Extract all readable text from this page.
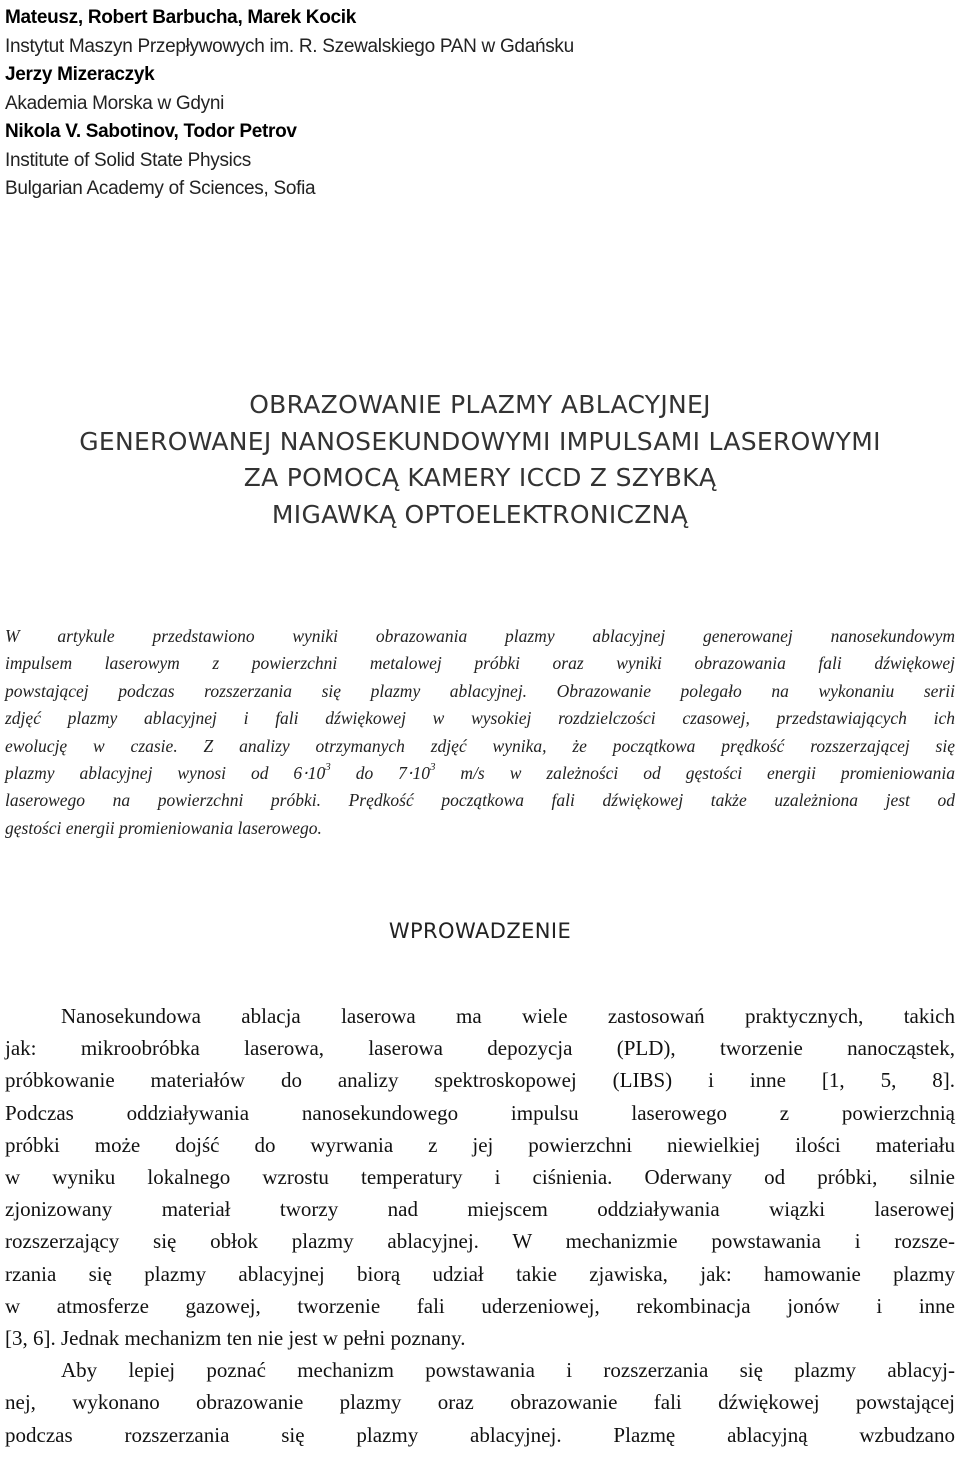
Mateusz, Robert Barbucha, Marek Kocik
Instytut Maszyn Przepływowych im. R. Szewalskiego PAN w Gdańsku
Jerzy Mizeraczyk
Akademia Morska w Gdyni
Nikola V. Sabotinov, Todor Petrov
Institute of Solid State Physics
Bulgarian Academy of Sciences, Sofia
OBRAZOWANIE PLAZMY ABLACYJNEJ
GENEROWANEJ NANOSEKUNDOWYMI IMPULSAMI LASEROWYMI
ZA POMOCĄ KAMERY ICCD Z SZYBKĄ
MIGAWKĄ OPTOELEKTRONICZNĄ
W artykule przedstawiono wyniki obrazowania plazmy ablacyjnej generowanej nanosekundowym
impulsem laserowym z powierzchni metalowej próbki oraz wyniki obrazowania fali dźwiękowej
powstającej podczas rozszerzania się plazmy ablacyjnej. Obrazowanie polegało na wykonaniu serii
zdjęć plazmy ablacyjnej i fali dźwiękowej w wysokiej rozdzielczości czasowej, przedstawiających ich
ewolucję w czasie. Z analizy otrzymanych zdjęć wynika, że początkowa prędkość rozszerzającej się
plazmy ablacyjnej wynosi od $6\cdot 10^3$ do $7\cdot 10^3$ m/s w zależności od gęstości energii promieniowania
laserowego na powierzchni próbki. Prędkość początkowa fali dźwiękowej także uzależniona jest od
gęstości energii promieniowania laserowego.
WPROWADZENIE
Nanosekundowa ablacja laserowa ma wiele zastosowań praktycznych, takich
jak: mikroobróbka laserowa, laserowa depozycja (PLD), tworzenie nanocząstek,
próbkowanie materiałów do analizy spektroskopowej (LIBS) i inne [1, 5, 8].
Podczas oddziaływania nanosekundowego impulsu laserowego z powierzchnią
próbki może dojść do wyrwania z jej powierzchni niewielkiej ilości materiału
w wyniku lokalnego wzrostu temperatury i ciśnienia. Oderwany od próbki, silnie
zjonizowany materiał tworzy nad miejscem oddziaływania wiązki laserowej
rozszerzający się obłok plazmy ablacyjnej. W mechanizmie powstawania i rozsze-
rzania się plazmy ablacyjnej biorą udział takie zjawiska, jak: hamowanie plazmy
w atmosferze gazowej, tworzenie fali uderzeniowej, rekombinacja jonów i inne
[3, 6]. Jednak mechanizm ten nie jest w pełni poznany.
Aby lepiej poznać mechanizm powstawania i rozszerzania się plazmy ablacyj-
nej, wykonano obrazowanie plazmy oraz obrazowanie fali dźwiękowej powstającej
podczas rozszerzania się plazmy ablacyjnej. Plazmę ablacyjną wzbudzano
